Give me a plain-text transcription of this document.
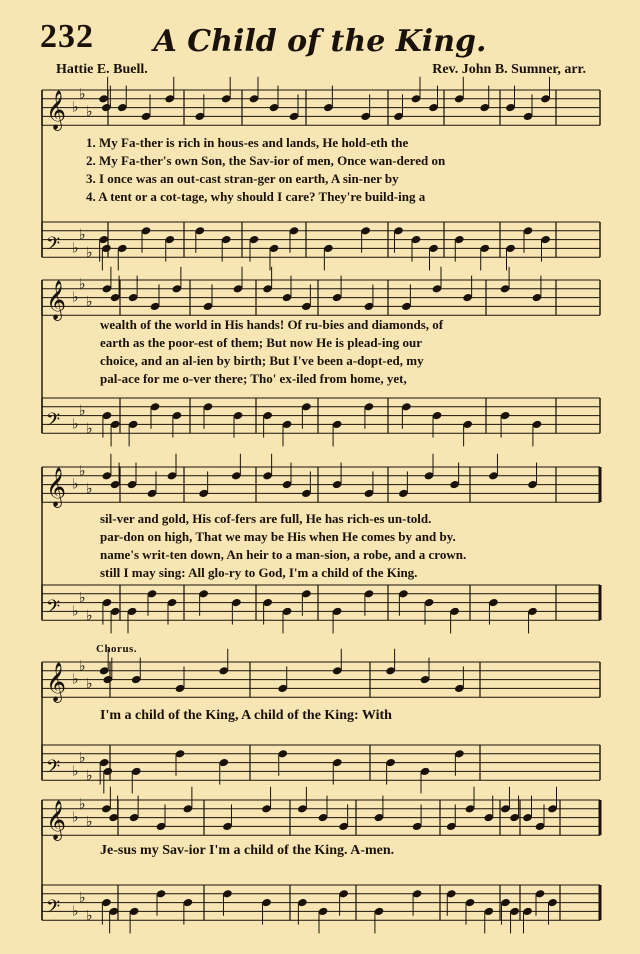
232	A Child of the King.
Hattie E. Buell.	Rev. John B. Sumner, arr.
Chorus.
𝄞 ♭
♭
♭
𝄢 ♭
♭
♭
𝄞 ♭
♭
♭
𝄢 ♭
♭
♭
𝄞 ♭
♭
♭
𝄢 ♭
♭
♭
𝄞 ♭
♭
♭
𝄢 ♭
♭
♭
𝄞 ♭
♭
♭
𝄢 ♭
♭
♭
1. My Fa-ther is rich in hous-es and lands, He hold-eth the
2. My Fa-ther's own Son, the Sav-ior of men, Once wan-dered on
3. I once was an out-cast stran-ger on earth, A sin-ner by
4. A tent or a cot-tage, why should I care? They're build-ing a
wealth of the world in His hands! Of ru-bies and diamonds, of
earth as the poor-est of them; But now He is plead-ing our
choice, and an al-ien by birth; But I've been a-dopt-ed, my
pal-ace for me o-ver there; Tho' ex-iled from home, yet,
sil-ver and gold, His cof-fers are full, He has rich-es un-told.
par-don on high, That we may be His when He comes by and by.
name's writ-ten down, An heir to a man-sion, a robe, and a crown.
still I may sing: All glo-ry to God, I'm a child of the King.
I'm a child of the King, A child of the King: With
Je-sus my Sav-ior I'm a child of the King. A-men.
